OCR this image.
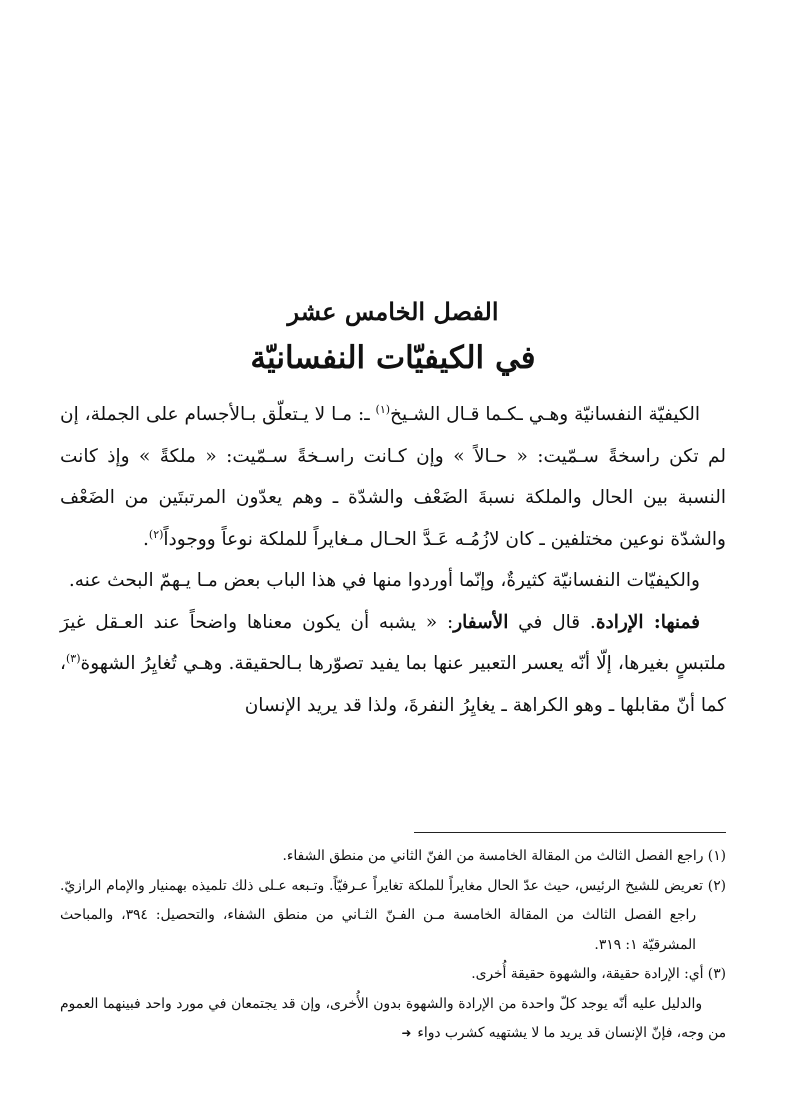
الفصل الخامس عشر
في الكيفيّات النفسانيّة

الكيفيّة النفسانيّة وهـي ـكـما قـال الشـيخ$^{(١)}$ ـ: مـا لا يـتعلّق بـالأجسام على الجملة، إن لم تكن راسخةً سـمّيت: « حـالاً » وإن كـانت راسـخةً سـمّيت: « ملكةً » وإذ كانت النسبة بين الحال والملكة نسبةَ الضَعْف والشدّة ـ وهم يعدّون المرتبتَين من الضَعْف والشدّة نوعين مختلفين ـ كان لازُمُـه عَـدَّ الحـال مـغايراً للملكة نوعاً ووجوداً$^{(٢)}$.

والكيفيّات النفسانيّة كثيرةٌ، وإنّما أوردوا منها في هذا الباب بعض مـا يـهمّ البحث عنه.

فمنها: الإرادة. قال في الأسفار: « يشبه أن يكون معناها واضحاً عند العـقل غيرَ ملتبسٍ بغيرها، إلّا أنّه يعسر التعبير عنها بما يفيد تصوّرها بـالحقيقة. وهـي تُغايِرُ الشهوة$^{(٣)}$، كما أنّ مقابلها ـ وهو الكراهة ـ يغايِرُ النفرةَ، ولذا قد يريد الإنسان

(١) راجع الفصل الثالث من المقالة الخامسة من الفنّ الثاني من منطق الشفاء.

(٢) تعريض للشيخ الرئيس، حيث عدّ الحال مغايراً للملكة تغايراً عـرفيّاً. وتـبعه عـلى ذلك تلميذه بهمنيار والإمام الرازيّ. راجع الفصل الثالث من المقالة الخامسة مـن الفـنّ الثـاني من منطق الشفاء، والتحصيل: ٣٩٤، والمباحث المشرقيّة ١: ٣١٩.

(٣) أي: الإرادة حقيقة، والشهوة حقيقة أُخرى.

والدليل عليه أنّه يوجد كلّ واحدة من الإرادة والشهوة بدون الأُخرى، وإن قد يجتمعان في مورد واحد فبينهما العموم من وجه، فإنّ الإنسان قد يريد ما لا يشتهيه كشرب دواء➜
